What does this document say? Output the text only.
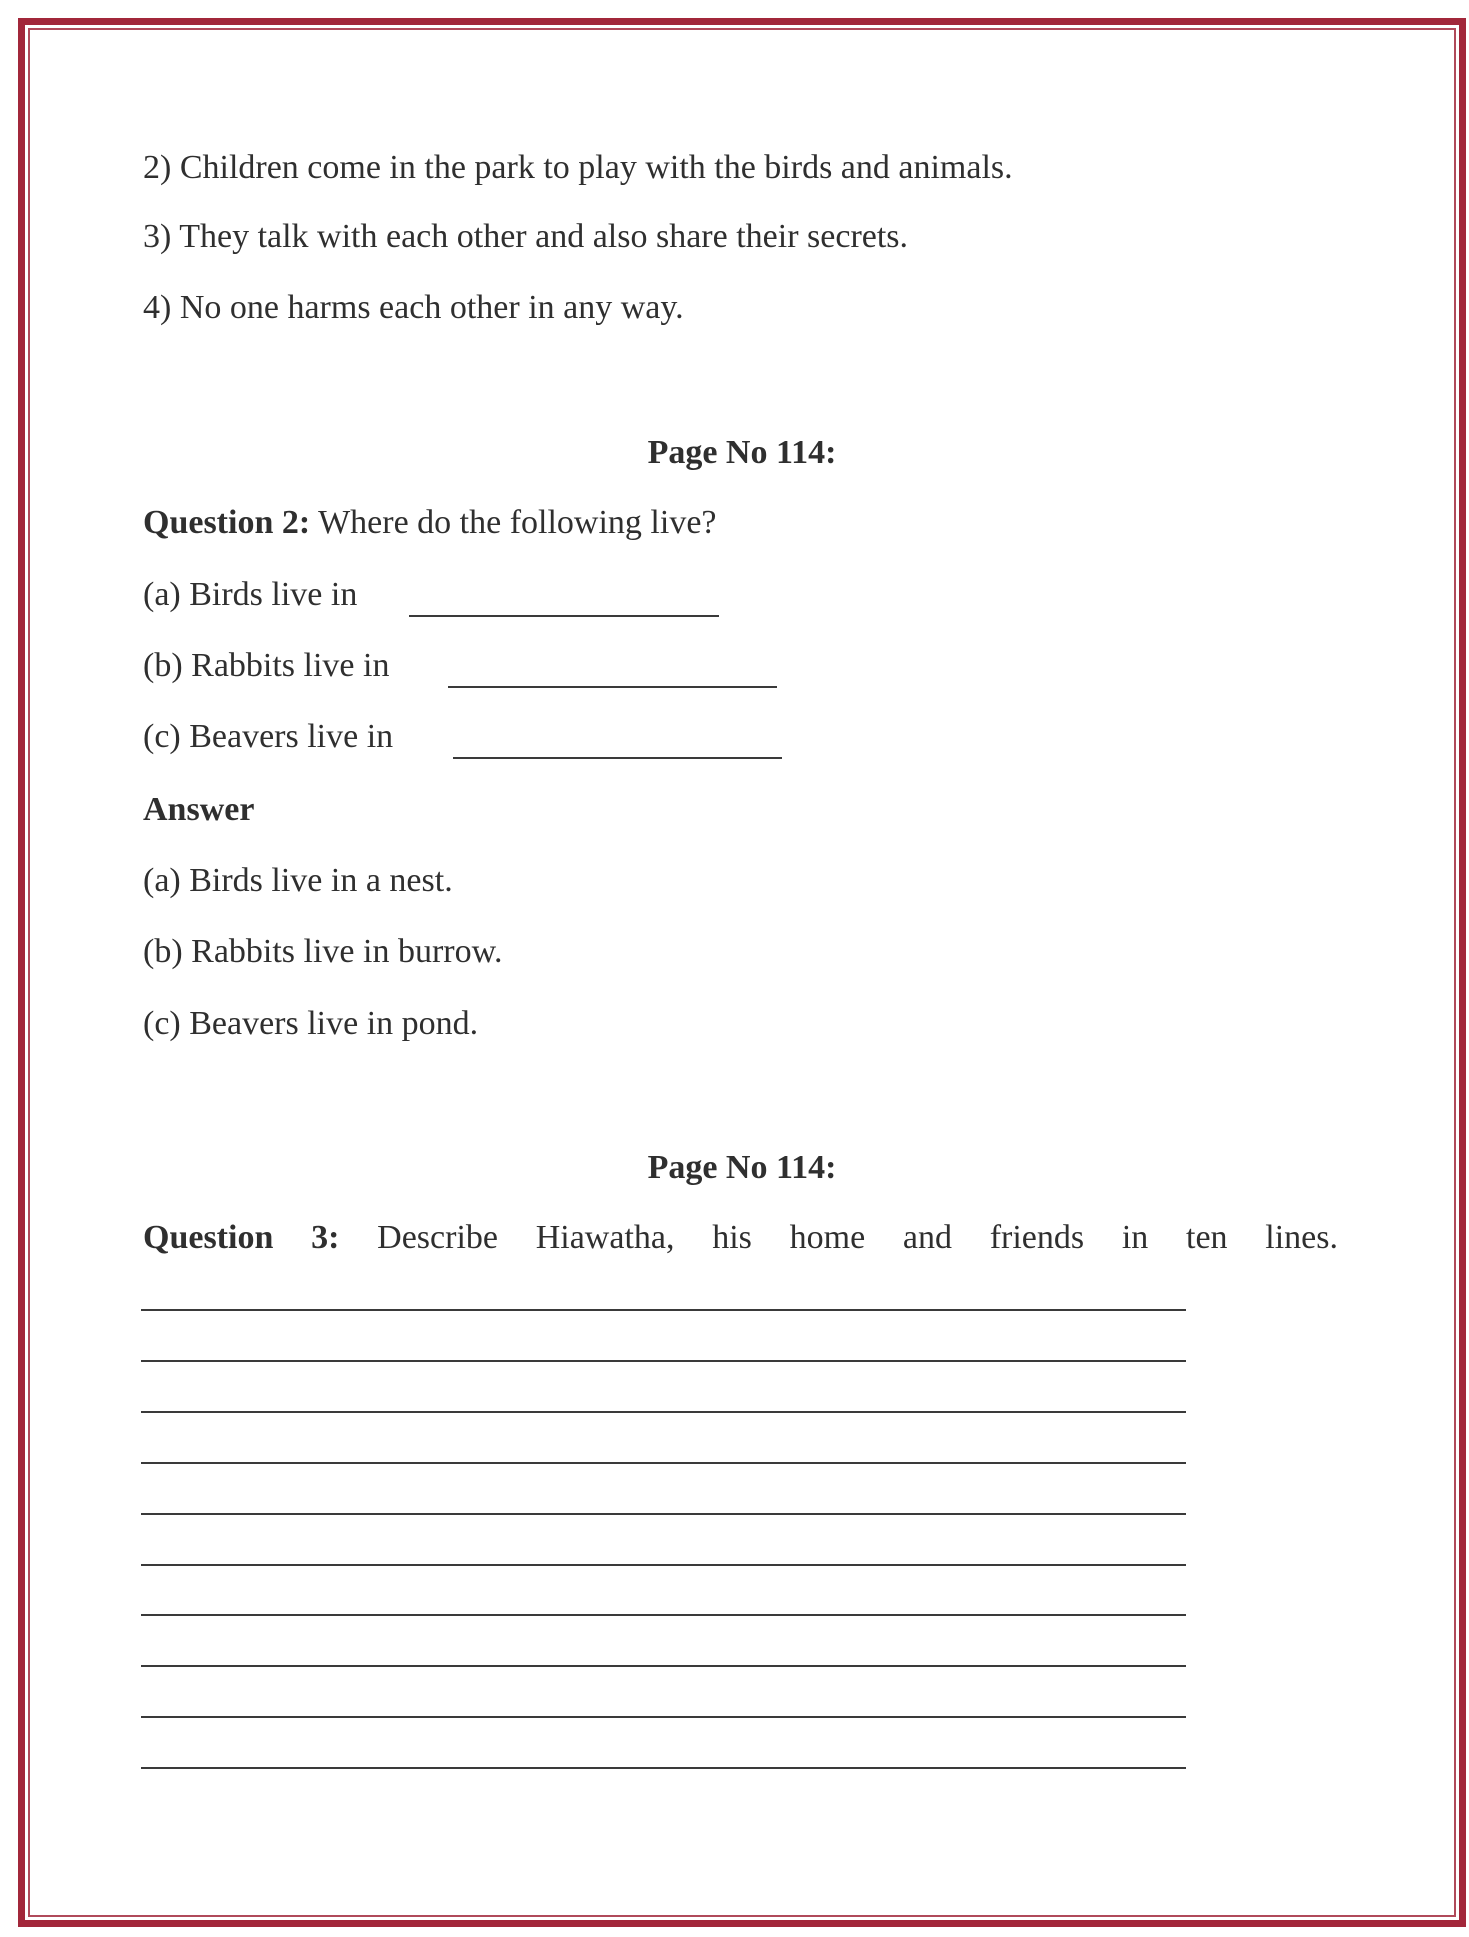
2) Children come in the park to play with the birds and animals.

3) They talk with each other and also share their secrets.

4) No one harms each other in any way.

Page No 114:

Question 2: Where do the following live?

(a) Birds live in

(b) Rabbits live in

(c) Beavers live in

Answer

(a) Birds live in a nest.

(b) Rabbits live in burrow.

(c) Beavers live in pond.

Page No 114:

Question 3: Describe Hiawatha, his home and friends in ten lines.
